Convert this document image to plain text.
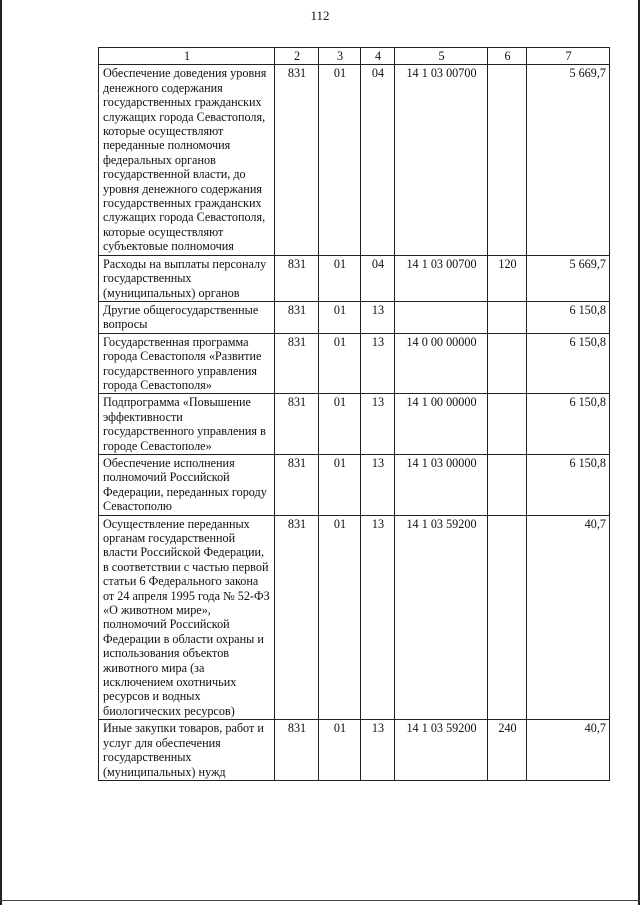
112
1	2	3	4	5	6	7
Обеспечение доведения уровня денежного содержания государственных гражданских служащих города Севастополя, которые осуществляют переданные полномочия федеральных органов государственной власти, до уровня денежного содержания государственных гражданских служащих города Севастополя, которые осуществляют субъектовые полномочия	831	01	04	14 1 03 00700		5 669,7
Расходы на выплаты персоналу государственных (муниципальных) органов	831	01	04	14 1 03 00700	120	5 669,7
Другие общегосударственные вопросы	831	01	13			6 150,8
Государственная программа города Севастополя «Развитие государственного управления города Севастополя»	831	01	13	14 0 00 00000		6 150,8
Подпрограмма «Повышение эффективности государственного управления в городе Севастополе»	831	01	13	14 1 00 00000		6 150,8
Обеспечение исполнения полномочий Российской Федерации, переданных городу Севастополю	831	01	13	14 1 03 00000		6 150,8
Осуществление переданных органам государственной власти Российской Федерации, в соответствии с частью первой статьи 6 Федерального закона от 24 апреля 1995 года № 52-ФЗ «О животном мире», полномочий Российской Федерации в области охраны и использования объектов животного мира (за исключением охотничьих ресурсов и водных биологических ресурсов)	831	01	13	14 1 03 59200		40,7
Иные закупки товаров, работ и услуг для обеспечения государственных (муниципальных) нужд	831	01	13	14 1 03 59200	240	40,7
